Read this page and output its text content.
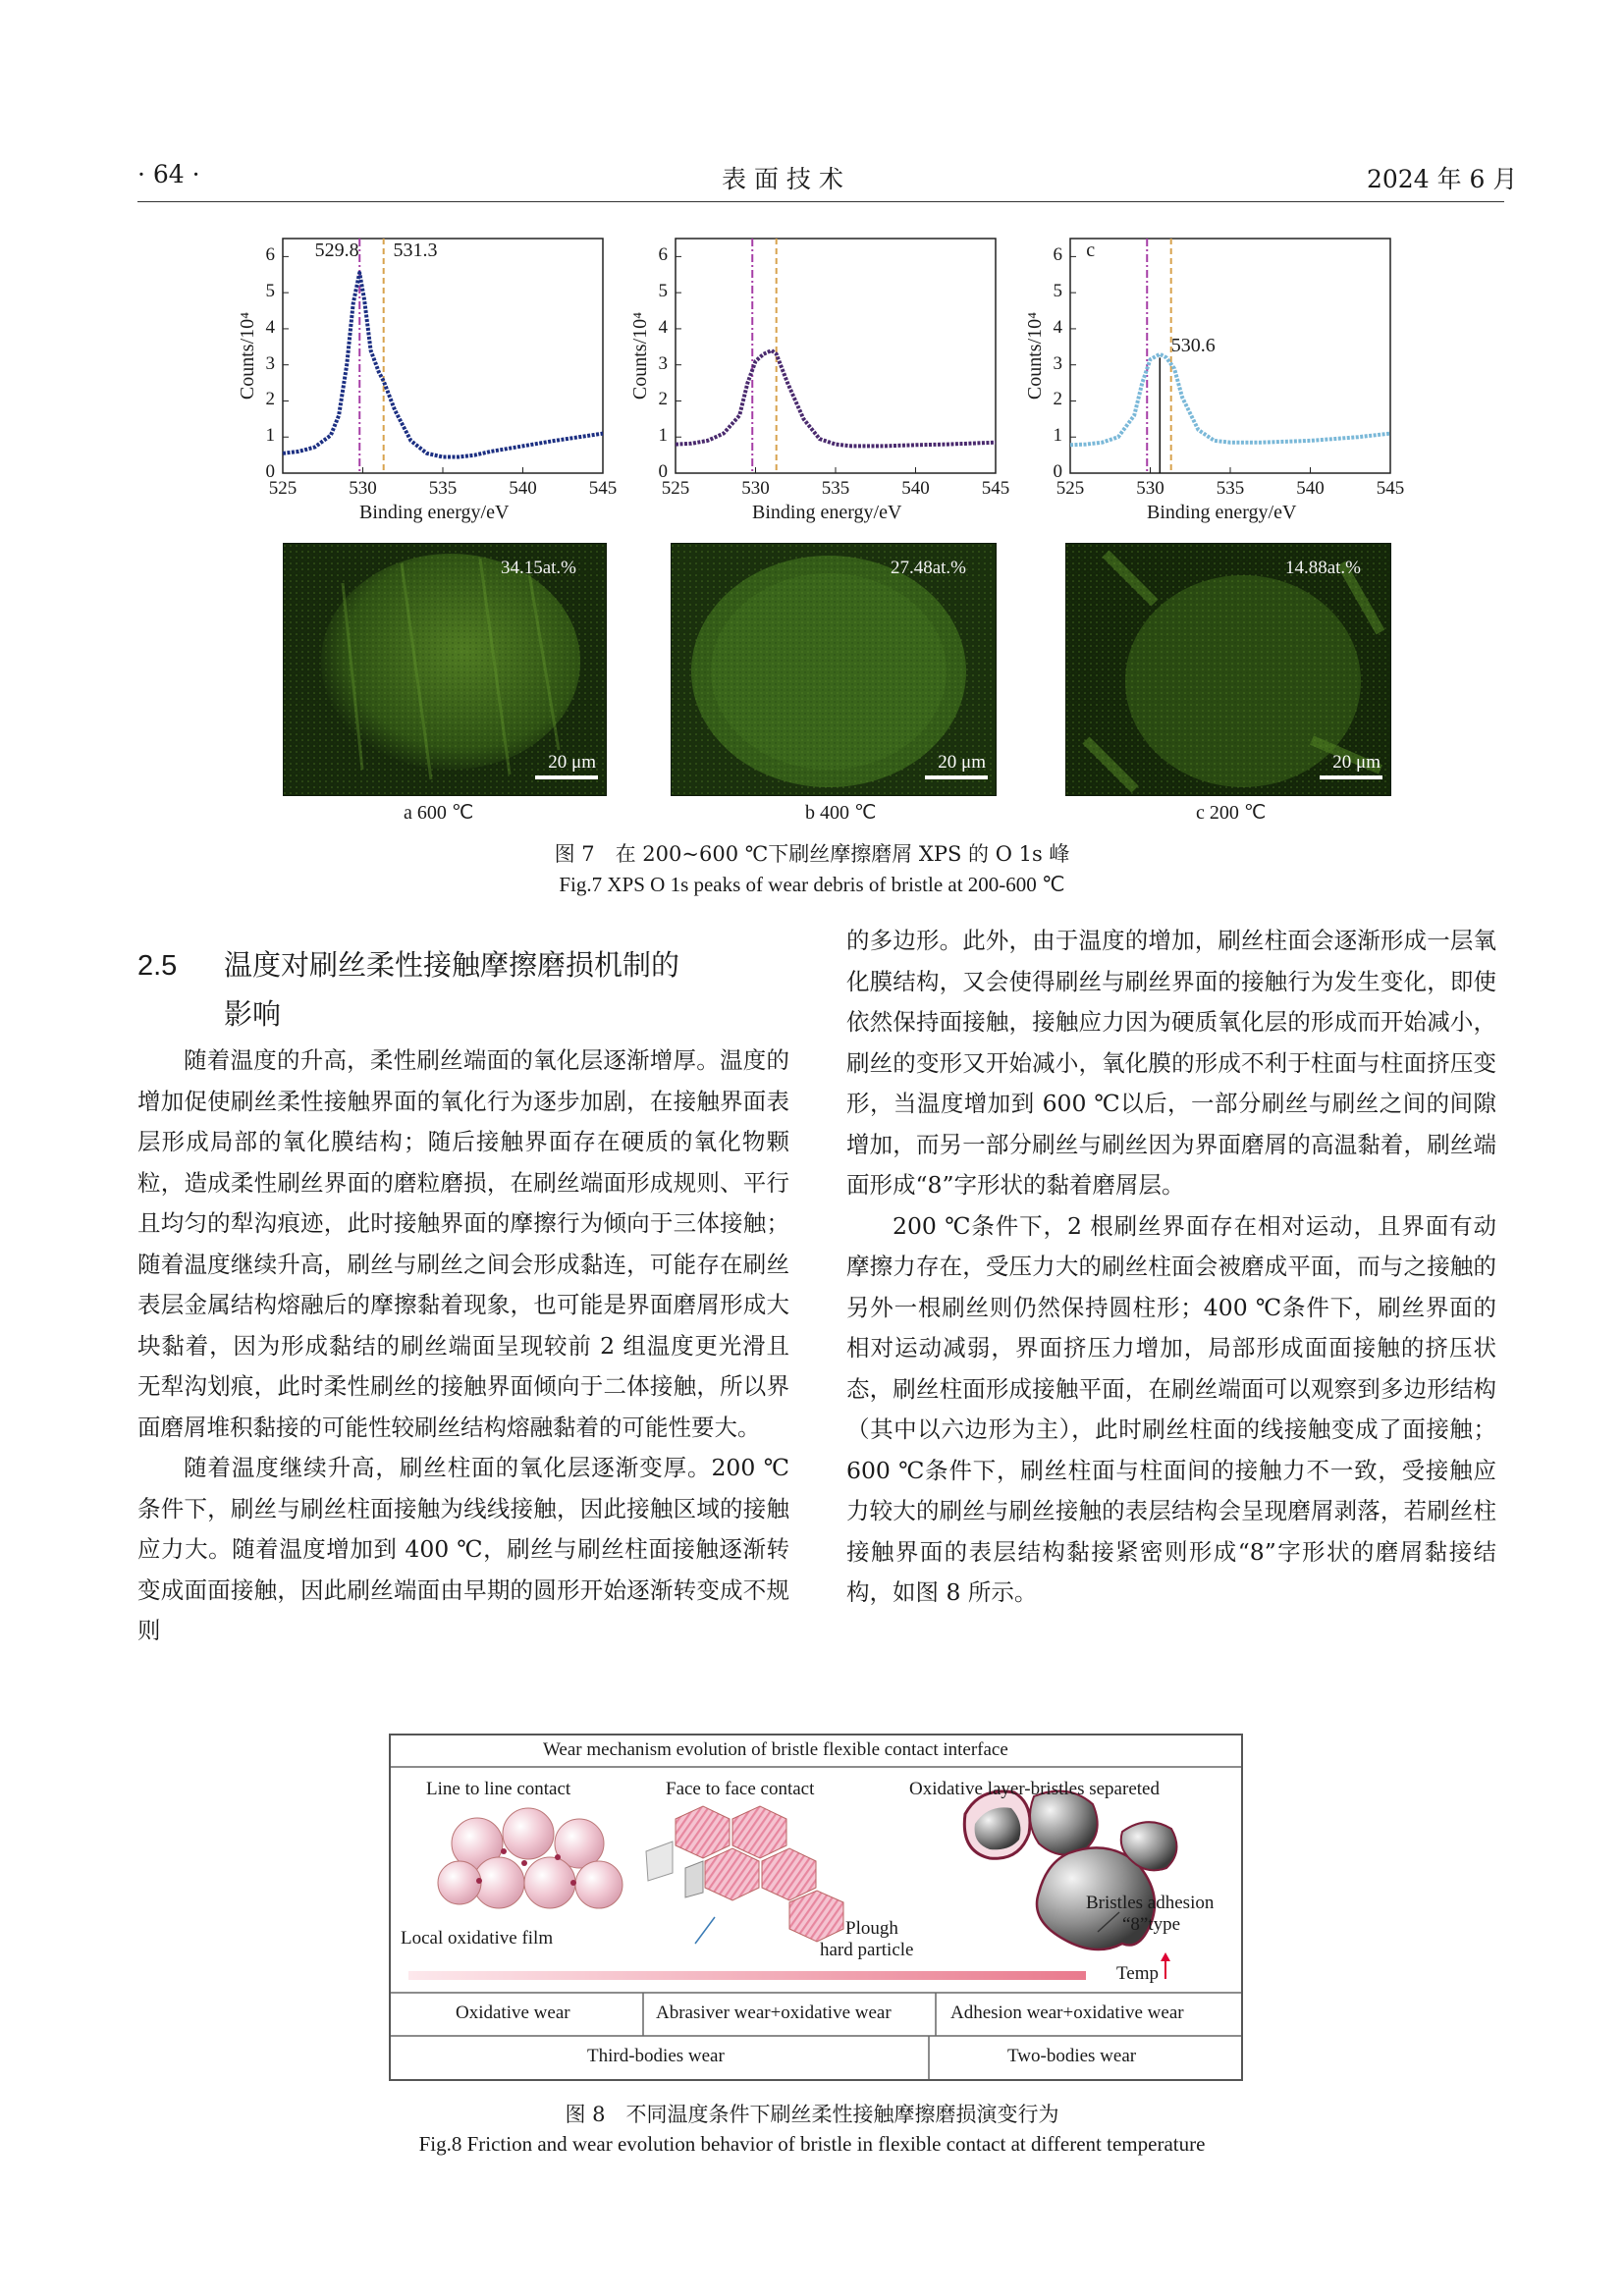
· 64 ·	表 面 技 术	2024 年 6 月
525	530	535	540	545
0
1
2
3
4
5
6
Binding energy/eV
Counts/10⁴
529.8 531.3
525	530	535	540	545
0
1
2
3
4
5
6
Binding energy/eV
Counts/10⁴
525	530	535	540	545
0
1
2
3
4
5
6
Binding energy/eV
Counts/10⁴
c
530.6
34.15at.%
20 μm
27.48at.%
20 μm
14.88at.%
20 μm
a 600 ℃	b 400 ℃	c 200 ℃
图 7　在 200~600 ℃下刷丝摩擦磨屑 XPS 的 O 1s 峰
Fig.7 XPS O 1s peaks of wear debris of bristle at 200-600 ℃
2.5 温度对刷丝柔性接触摩擦磨损机制的
影响

随着温度的升高，柔性刷丝端面的氧化层逐渐增厚。温度的增加促使刷丝柔性接触界面的氧化行为逐步加剧，在接触界面表层形成局部的氧化膜结构；随后接触界面存在硬质的氧化物颗粒，造成柔性刷丝界面的磨粒磨损，在刷丝端面形成规则、平行且均匀的犁沟痕迹，此时接触界面的摩擦行为倾向于三体接触；随着温度继续升高，刷丝与刷丝之间会形成黏连，可能存在刷丝表层金属结构熔融后的摩擦黏着现象，也可能是界面磨屑形成大块黏着，因为形成黏结的刷丝端面呈现较前 2 组温度更光滑且无犁沟划痕，此时柔性刷丝的接触界面倾向于二体接触，所以界面磨屑堆积黏接的可能性较刷丝结构熔融黏着的可能性要大。

随着温度继续升高，刷丝柱面的氧化层逐渐变厚。200 ℃条件下，刷丝与刷丝柱面接触为线线接触，因此接触区域的接触应力大。随着温度增加到 400 ℃，刷丝与刷丝柱面接触逐渐转变成面面接触，因此刷丝端面由早期的圆形开始逐渐转变成不规则

的多边形。此外，由于温度的增加，刷丝柱面会逐渐形成一层氧化膜结构，又会使得刷丝与刷丝界面的接触行为发生变化，即使依然保持面接触，接触应力因为硬质氧化层的形成而开始减小，刷丝的变形又开始减小，氧化膜的形成不利于柱面与柱面挤压变形，当温度增加到 600 ℃以后，一部分刷丝与刷丝之间的间隙增加，而另一部分刷丝与刷丝因为界面磨屑的高温黏着，刷丝端面形成“8”字形状的黏着磨屑层。

200 ℃条件下，2 根刷丝界面存在相对运动，且界面有动摩擦力存在，受压力大的刷丝柱面会被磨成平面，而与之接触的另外一根刷丝则仍然保持圆柱形；400 ℃条件下，刷丝界面的相对运动减弱，界面挤压力增加，局部形成面面接触的挤压状态，刷丝柱面形成接触平面，在刷丝端面可以观察到多边形结构（其中以六边形为主），此时刷丝柱面的线接触变成了面接触；600 ℃条件下，刷丝柱面与柱面间的接触力不一致，受接触应力较大的刷丝与刷丝接触的表层结构会呈现磨屑剥落，若刷丝柱接触界面的表层结构黏接紧密则形成“8”字形状的磨屑黏接结构，如图 8 所示。

Wear mechanism evolution of bristle flexible contact interface
Line to line contact	Face to face contact	Oxidative layer-bristles separeted
Local oxidative film	Plough
hard particle
Bristles adhesion
“8”type
Temp
Oxidative wear	Abrasiver wear+oxidative wear	Adhesion wear+oxidative wear
Third-bodies wear	Two-bodies wear
图 8　不同温度条件下刷丝柔性接触摩擦磨损演变行为
Fig.8 Friction and wear evolution behavior of bristle in flexible contact at different temperature
